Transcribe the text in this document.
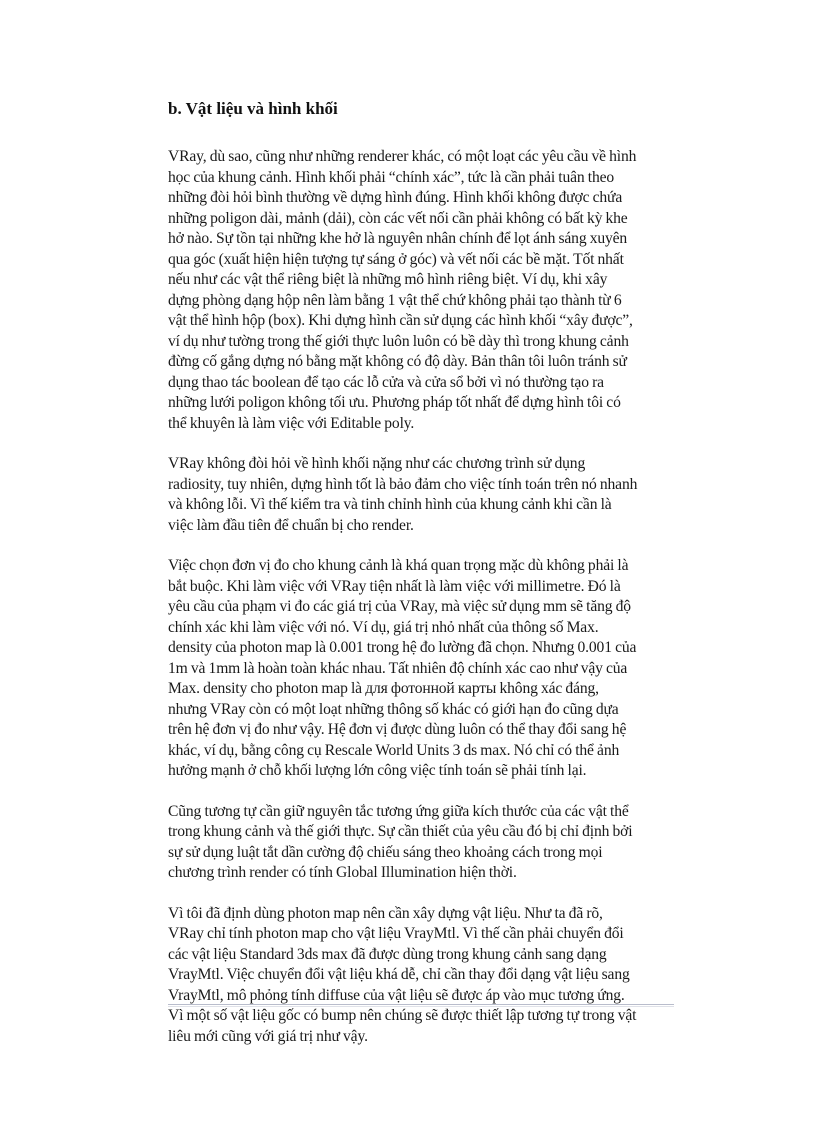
b. Vật liệu và hình khối

VRay, dù sao, cũng như những renderer khác, có một loạt các yêu cầu về hình
học của khung cảnh. Hình khối phải “chính xác”, tức là cần phải tuân theo
những đòi hỏi bình thường về dựng hình đúng. Hình khối không được chứa
những poligon dài, mảnh (dải), còn các vết nối cần phải không có bất kỳ khe
hở nào. Sự tồn tại những khe hở là nguyên nhân chính để lọt ánh sáng xuyên
qua góc (xuất hiện hiện tượng tự sáng ở góc) và vết nối các bề mặt. Tốt nhất
nếu như các vật thể riêng biệt là những mô hình riêng biệt. Ví dụ, khi xây
dựng phòng dạng hộp nên làm bằng 1 vật thể chứ không phải tạo thành từ 6
vật thể hình hộp (box). Khi dựng hình cần sử dụng các hình khối “xây được”,
ví dụ như tường trong thế giới thực luôn luôn có bề dày thì trong khung cảnh
đừng cố gắng dựng nó bằng mặt không có độ dày. Bản thân tôi luôn tránh sử
dụng thao tác boolean để tạo các lỗ cửa và cửa sổ bởi vì nó thường tạo ra
những lưới poligon không tối ưu. Phương pháp tốt nhất để dựng hình tôi có
thể khuyên là làm việc với Editable poly.

VRay không đòi hỏi về hình khối nặng như các chương trình sử dụng
radiosity, tuy nhiên, dựng hình tốt là bảo đảm cho việc tính toán trên nó nhanh
và không lỗi. Vì thế kiểm tra và tinh chỉnh hình của khung cảnh khi cần là
việc làm đầu tiên để chuẩn bị cho render.

Việc chọn đơn vị đo cho khung cảnh là khá quan trọng mặc dù không phải là
bắt buộc. Khi làm việc với VRay tiện nhất là làm việc với millimetre. Đó là
yêu cầu của phạm vi đo các giá trị của VRay, mà việc sử dụng mm sẽ tăng độ
chính xác khi làm việc với nó. Ví dụ, giá trị nhỏ nhất của thông số Max.
density của photon map là 0.001 trong hệ đo lường đã chọn. Nhưng 0.001 của
1m và 1mm là hoàn toàn khác nhau. Tất nhiên độ chính xác cao như vậy của
Max. density cho photon map là для фотонной карты không xác đáng,
nhưng VRay còn có một loạt những thông số khác có giới hạn đo cũng dựa
trên hệ đơn vị đo như vậy. Hệ đơn vị được dùng luôn có thể thay đổi sang hệ
khác, ví dụ, bằng công cụ Rescale World Units 3 ds max. Nó chỉ có thể ảnh
hưởng mạnh ở chỗ khối lượng lớn công việc tính toán sẽ phải tính lại.

Cũng tương tự cần giữ nguyên tắc tương ứng giữa kích thước của các vật thể
trong khung cảnh và thế giới thực. Sự cần thiết của yêu cầu đó bị chỉ định bởi
sự sử dụng luật tắt dần cường độ chiếu sáng theo khoảng cách trong mọi
chương trình render có tính Global Illumination hiện thời.

Vì tôi đã định dùng photon map nên cần xây dựng vật liệu. Như ta đã rõ,
VRay chỉ tính photon map cho vật liệu VrayMtl. Vì thế cần phải chuyển đổi
các vật liệu Standard 3ds max đã được dùng trong khung cảnh sang dạng
VrayMtl. Việc chuyển đổi vật liệu khá dễ, chỉ cần thay đổi dạng vật liệu sang
VrayMtl, mô phỏng tính diffuse của vật liệu sẽ được áp vào mục tương ứng.
Vì một số vật liệu gốc có bump nên chúng sẽ được thiết lập tương tự trong vật
liêu mới cũng với giá trị như vậy.
